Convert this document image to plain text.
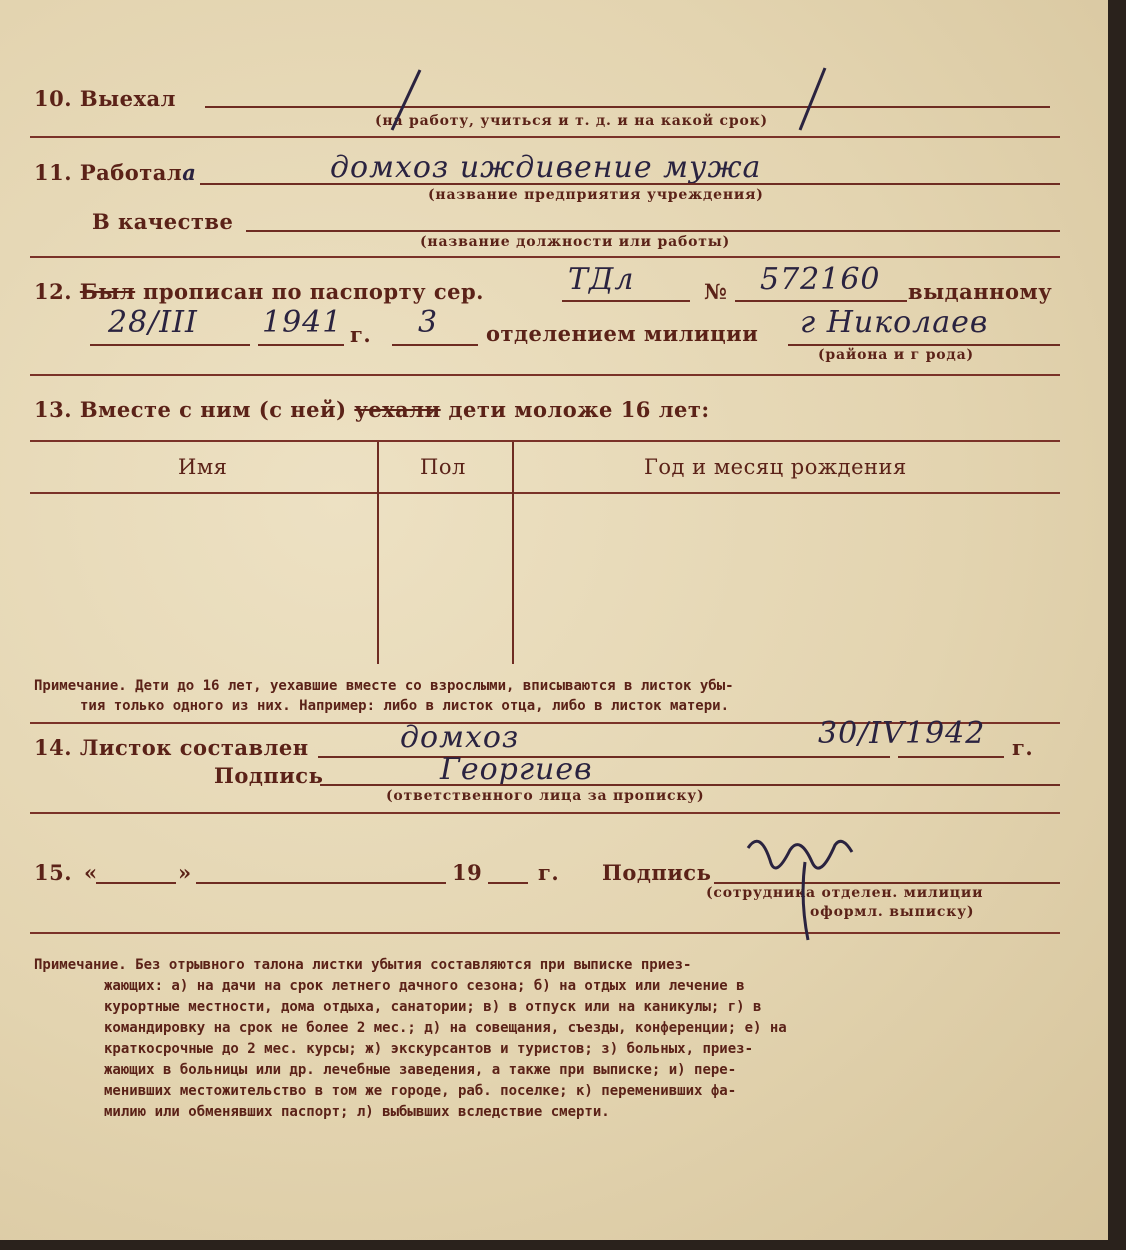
10. Выехал
(на работу, учиться и т. д. и на какой срок)
11. Работала	домхоз иждивение мужа
(название предприятия учреждения)
В качестве
(название должности или работы)
12. Был прописан по паспорту сер.	ТДл	№ 572160 выданному
28/III 1941 г. 3 отделением милиции г Николаев
(района и г рода)
13. Вместе с ним (с ней) уехали дети моложе 16 лет:
Имя	Пол	Год и месяц рождения
Примечание. Дети до 16 лет, уехавшие вместе со взрослыми, вписываются в листок убы-
тия только одного из них. Например: либо в листок отца, либо в листок матери.
14. Листок составлен	домхоз	30/IV 1942 г.
Подпись	Георгиев
(ответственного лица за прописку)
15. «	»	19	г. Подпись
(сотрудника отделен. милиции
оформл. выписку)
Примечание. Без отрывного талона листки убытия составляются при выписке приез-
жающих: а) на дачи на срок летнего дачного сезона; б) на отдых или лечение в
курортные местности, дома отдыха, санатории; в) в отпуск или на каникулы; г) в
командировку на срок не более 2 мес.; д) на совещания, съезды, конференции; е) на
краткосрочные до 2 мес. курсы; ж) экскурсантов и туристов; з) больных, приез-
жающих в больницы или др. лечебные заведения, а также при выписке; и) пере-
менивших местожительство в том же городе, раб. поселке; к) переменивших фа-
милию или обменявших паспорт; л) выбывших вследствие смерти.
